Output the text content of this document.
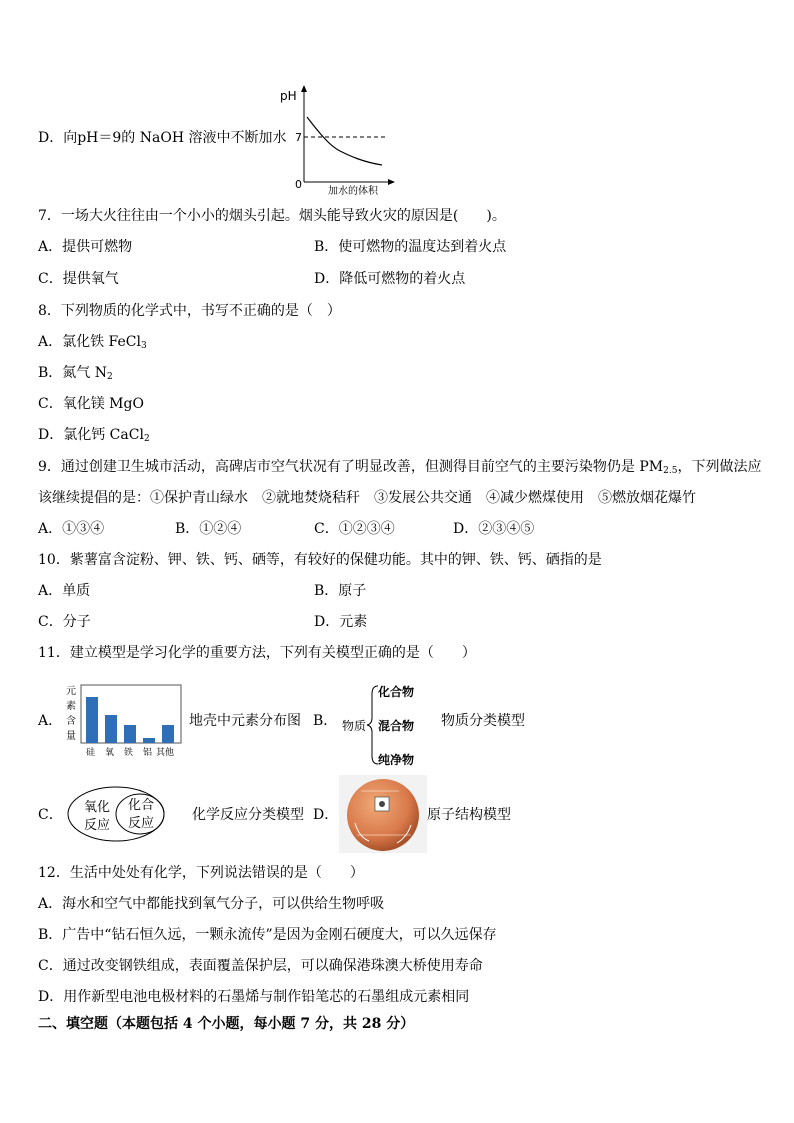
D．向pH＝9的 NaOH 溶液中不断加水
pH
7
0
加水的体积
7．一场大火往往由一个小小的烟头引起。烟头能导致火灾的原因是(　　)。
A．提供可燃物	B．使可燃物的温度达到着火点
C．提供氧气	D．降低可燃物的着火点
8．下列物质的化学式中，书写不正确的是（　）
A．氯化铁 FeCl$_3$
B．氮气 $N_2$
C．氧化镁 MgO
D．氯化钙 CaCl$_2$
9．通过创建卫生城市活动，高碑店市空气状况有了明显改善，但测得目前空气的主要污染物仍是 $PM_{2.5}$，下列做法应
该继续提倡的是：①保护青山绿水　②就地焚烧秸秆　③发展公共交通　④减少燃煤使用　⑤燃放烟花爆竹
A．①③④	B．①②④	C．①②③④	D．②③④⑤
10．紫薯富含淀粉、钾、铁、钙、硒等，有较好的保健功能。其中的钾、铁、钙、硒指的是
A．单质	B．原子
C．分子	D．元素
11．建立模型是学习化学的重要方法，下列有关模型正确的是（　　）
A．
元
素
含
量
硅 氧 铁 铝 其他
地壳中元素分布图 B． 物质
化合物
混合物
纯净物
物质分类模型
C． 氧化
反应
化合
反应
化学反应分类模型 D．	原子结构模型
12．生活中处处有化学，下列说法错误的是（　　）
A．海水和空气中都能找到氧气分子，可以供给生物呼吸
B．广告中“钻石恒久远，一颗永流传”是因为金刚石硬度大，可以久远保存
C．通过改变钢铁组成，表面覆盖保护层，可以确保港珠澳大桥使用寿命
D．用作新型电池电极材料的石墨烯与制作铅笔芯的石墨组成元素相同
二、填空题（本题包括 4 个小题，每小题 7 分，共 28 分）
